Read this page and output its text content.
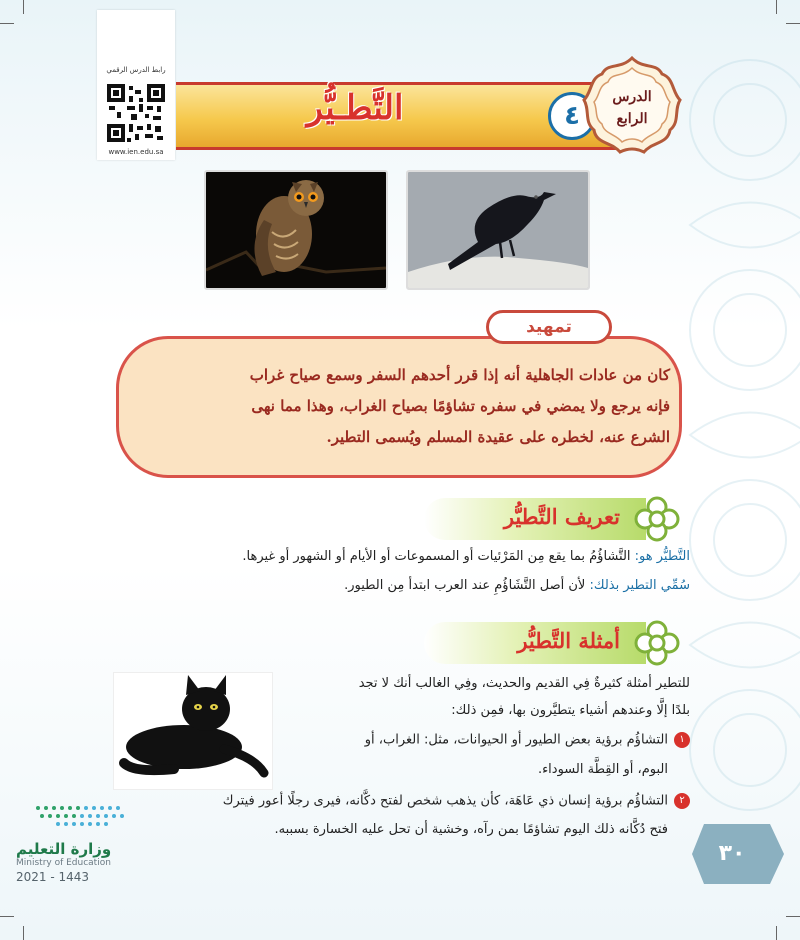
رابط الدرس الرقمي
www.ien.edu.sa
التَّطـيُّر	٤
الدرس
الرابع
تمهيد
كان من عادات الجاهلية أنه إذا قرر أحدهم السفر وسمع صياح غراب
فإنه يرجع ولا يمضي في سفره تشاؤمًا بصياح الغراب، وهذا مما نهى
الشرع عنه، لخطره على عقيدة المسلم ويُسمى التطير.
تعريف التَّطيُّر
التَّطيُّر هو: التَّشاؤُمُ بما يقع مِن المَرْئيات أو المسموعات أو الأيام أو الشهور أو غيرها.
سُمِّي التطير بذلك: لأن أصل التَّشَاؤُمِ عند العرب ابتدأ مِن الطيور.
أمثلة التَّطيُّر
للتطير أمثلة كثيرةٌ فِي القديم والحديث، وفِي الغالب أنك لا تجد
بلدًا إلَّا وعندهم أشياء يتطيَّرون بها، فمِن ذلك:
١التشاؤُم برؤية بعض الطيور أو الحيوانات، مثل: الغراب، أو
البوم، أو القِطَّة السوداء.
٢التشاؤُم برؤية إنسان ذي عَاهَة، كأن يذهب شخص لفتح دكَّانه، فيرى رجلًا أعور فيترك
فتح دُكَّانه ذلك اليوم تشاؤمًا بمن رآه، وخشية أن تحل عليه الخسارة بسببه.
وزارة التعليم
Ministry of Education
2021 - 1443
٣٠
